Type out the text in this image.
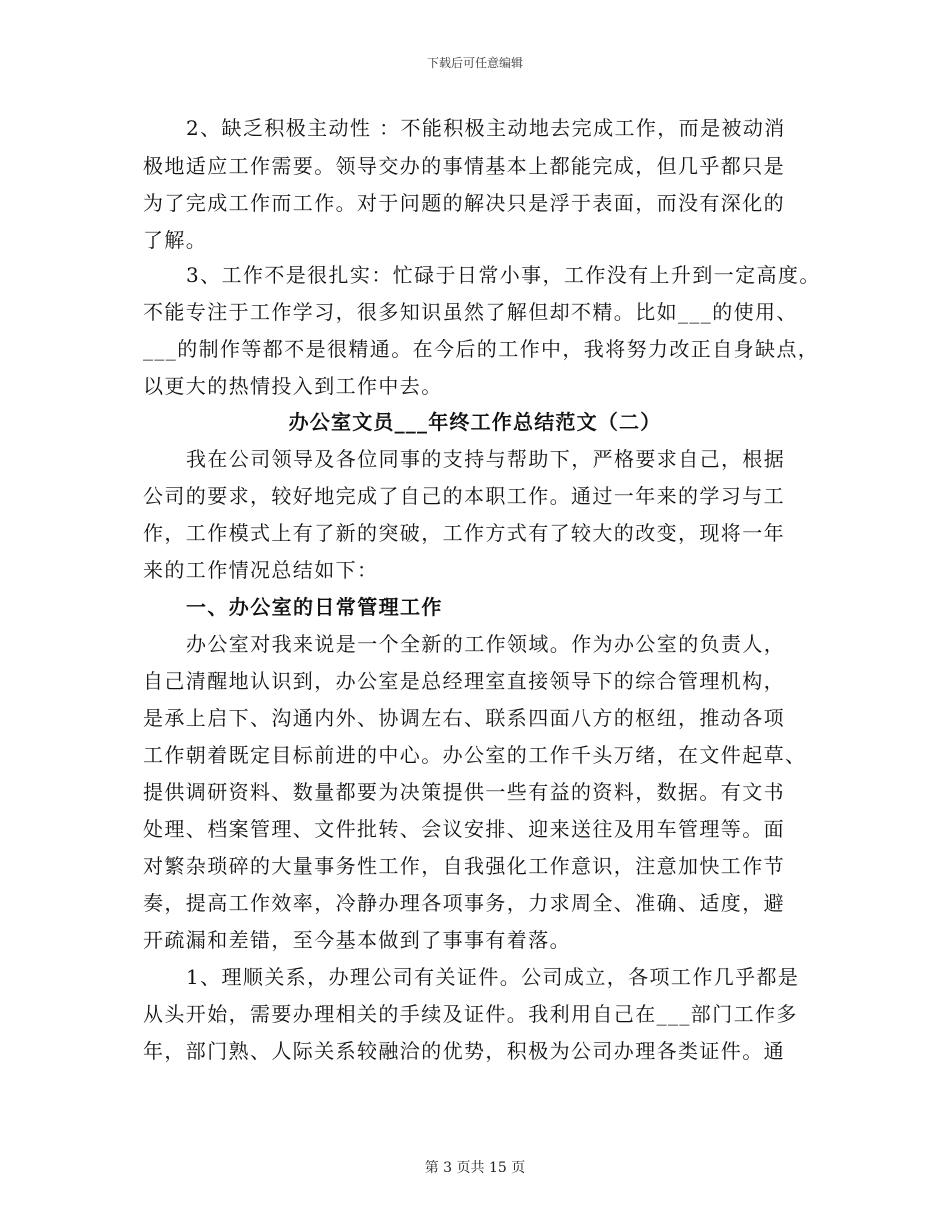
下载后可任意编辑
2、缺乏积极主动性 ：不能积极主动地去完成工作，而是被动消
极地适应工作需要。领导交办的事情基本上都能完成，但几乎都只是
为了完成工作而工作。对于问题的解决只是浮于表面，而没有深化的
了解。
3、工作不是很扎实：忙碌于日常小事，工作没有上升到一定高度。
不能专注于工作学习，很多知识虽然了解但却不精。比如___的使用、
___的制作等都不是很精通。在今后的工作中，我将努力改正自身缺点，
以更大的热情投入到工作中去。
办公室文员___年终工作总结范文（二）
我在公司领导及各位同事的支持与帮助下，严格要求自己，根据
公司的要求，较好地完成了自己的本职工作。通过一年来的学习与工
作，工作模式上有了新的突破，工作方式有了较大的改变，现将一年
来的工作情况总结如下：
一、办公室的日常管理工作
办公室对我来说是一个全新的工作领域。作为办公室的负责人，
自己清醒地认识到，办公室是总经理室直接领导下的综合管理机构，
是承上启下、沟通内外、协调左右、联系四面八方的枢纽，推动各项
工作朝着既定目标前进的中心。办公室的工作千头万绪，在文件起草、
提供调研资料、数量都要为决策提供一些有益的资料，数据。有文书
处理、档案管理、文件批转、会议安排、迎来送往及用车管理等。面
对繁杂琐碎的大量事务性工作，自我强化工作意识，注意加快工作节
奏，提高工作效率，冷静办理各项事务，力求周全、准确、适度，避
开疏漏和差错，至今基本做到了事事有着落。
1、理顺关系，办理公司有关证件。公司成立，各项工作几乎都是
从头开始，需要办理相关的手续及证件。我利用自己在___部门工作多
年，部门熟、人际关系较融洽的优势，积极为公司办理各类证件。通
第 3 页共 15 页
